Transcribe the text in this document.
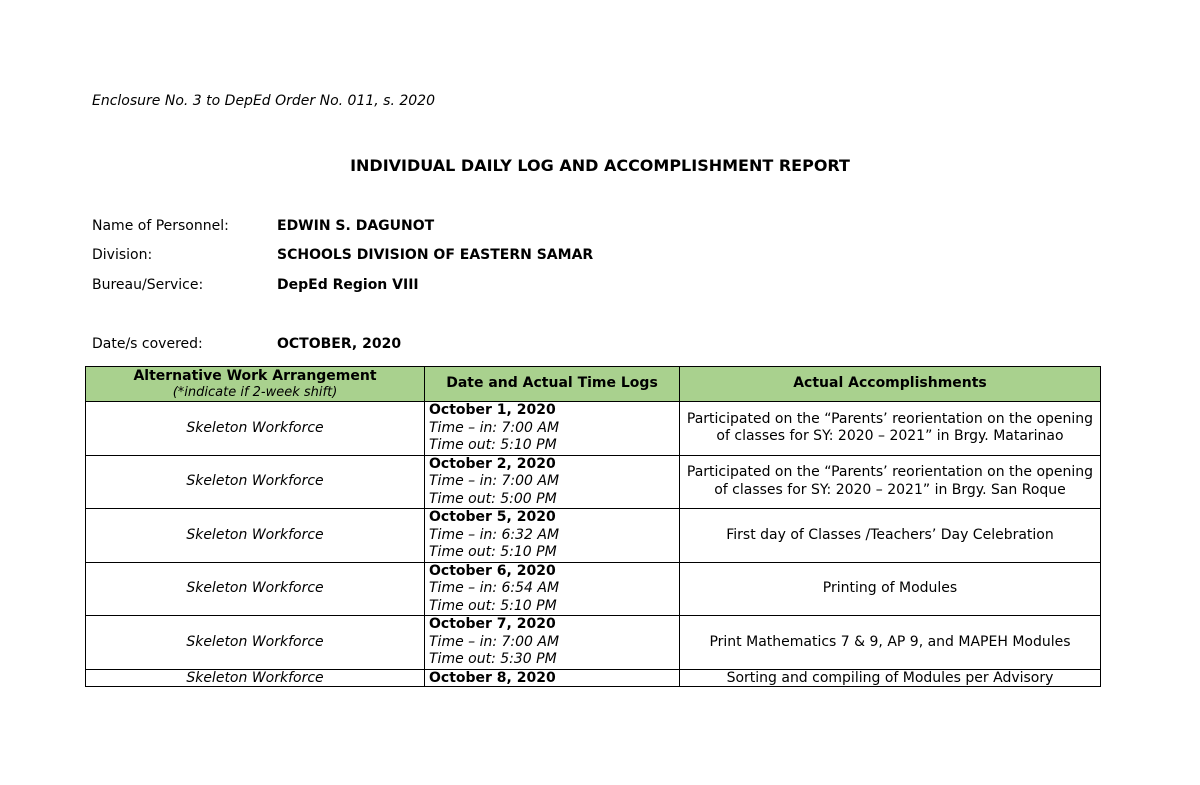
Enclosure No. 3 to DepEd Order No. 011, s. 2020
INDIVIDUAL DAILY LOG AND ACCOMPLISHMENT REPORT
Name of Personnel:	EDWIN S. DAGUNOT
Division:	SCHOOLS DIVISION OF EASTERN SAMAR
Bureau/Service:	DepEd Region VIII
Date/s covered:	OCTOBER, 2020
Alternative Work Arrangement
(*indicate if 2-week shift)	Date and Actual Time Logs	Actual Accomplishments
Skeleton Workforce	October 1, 2020
Time – in: 7:00 AM
Time out: 5:10 PM	Participated on the “Parents’ reorientation on the opening of classes for SY: 2020 – 2021” in Brgy. Matarinao
Skeleton Workforce	October 2, 2020
Time – in: 7:00 AM
Time out: 5:00 PM	Participated on the “Parents’ reorientation on the opening of classes for SY: 2020 – 2021” in Brgy. San Roque
Skeleton Workforce	October 5, 2020
Time – in: 6:32 AM
Time out: 5:10 PM	First day of Classes /Teachers’ Day Celebration
Skeleton Workforce	October 6, 2020
Time – in: 6:54 AM
Time out: 5:10 PM	Printing of Modules
Skeleton Workforce	October 7, 2020
Time – in: 7:00 AM
Time out: 5:30 PM	Print Mathematics 7 & 9, AP 9, and MAPEH Modules
Skeleton Workforce	October 8, 2020	Sorting and compiling of Modules per Advisory
